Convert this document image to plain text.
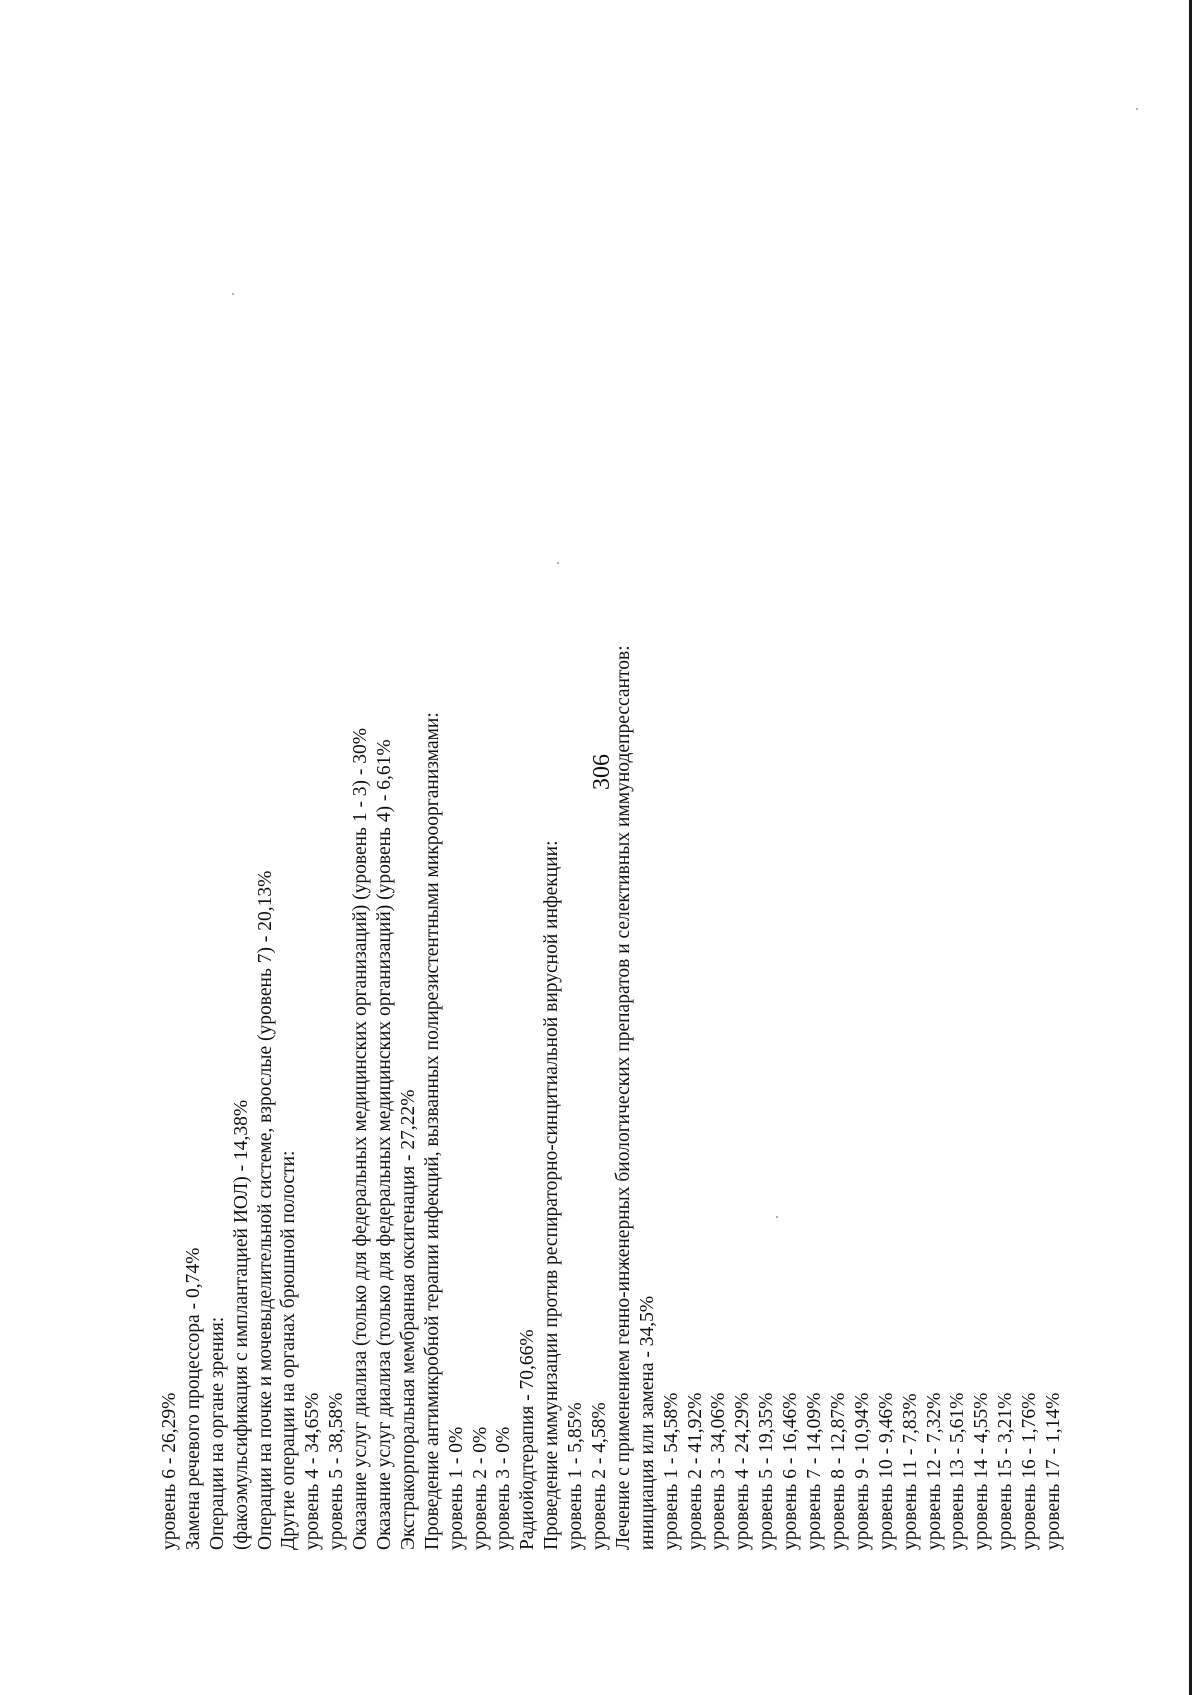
уровень 6 - 26,29% Замена речевого процессора - 0,74% Операции на органе зрения: (факоэмульсификация с имплантацией ИОЛ) - 14,38% Операции на почке и мочевыделительной системе, взрослые (уровень 7) - 20,13% Другие операции на органах брюшной полости: уровень 4 - 34,65% уровень 5 - 38,58% Оказание услуг диализа (только для федеральных медицинских организаций) (уровень 1 - 3) - 30% Оказание услуг диализа (только для федеральных медицинских организаций) (уровень 4) - 6,61% Экстракорпоральная мембранная оксигенация - 27,22% Проведение антимикробной терапии инфекций, вызванных полирезистентными микроорганизмами: уровень 1 - 0% уровень 2 - 0% уровень 3 - 0% Радиойодтерапия - 70,66% Проведение иммунизации против респираторно-синцитиальной вирусной инфекции: уровень 1 - 5,85% уровень 2 - 4,58% Лечение с применением генно-инженерных биологических препаратов и селективных иммунодепрессантов: инициация или замена - 34,5% уровень 1 - 54,58% уровень 2 - 41,92% уровень 3 - 34,06% уровень 4 - 24,29% уровень 5 - 19,35% уровень 6 - 16,46% уровень 7 - 14,09% уровень 8 - 12,87% уровень 9 - 10,94% уровень 10 - 9,46% уровень 11 - 7,83% уровень 12 - 7,32% уровень 13 - 5,61% уровень 14 - 4,55% уровень 15 - 3,21% уровень 16 - 1,76% уровень 17 - 1,14%
306
